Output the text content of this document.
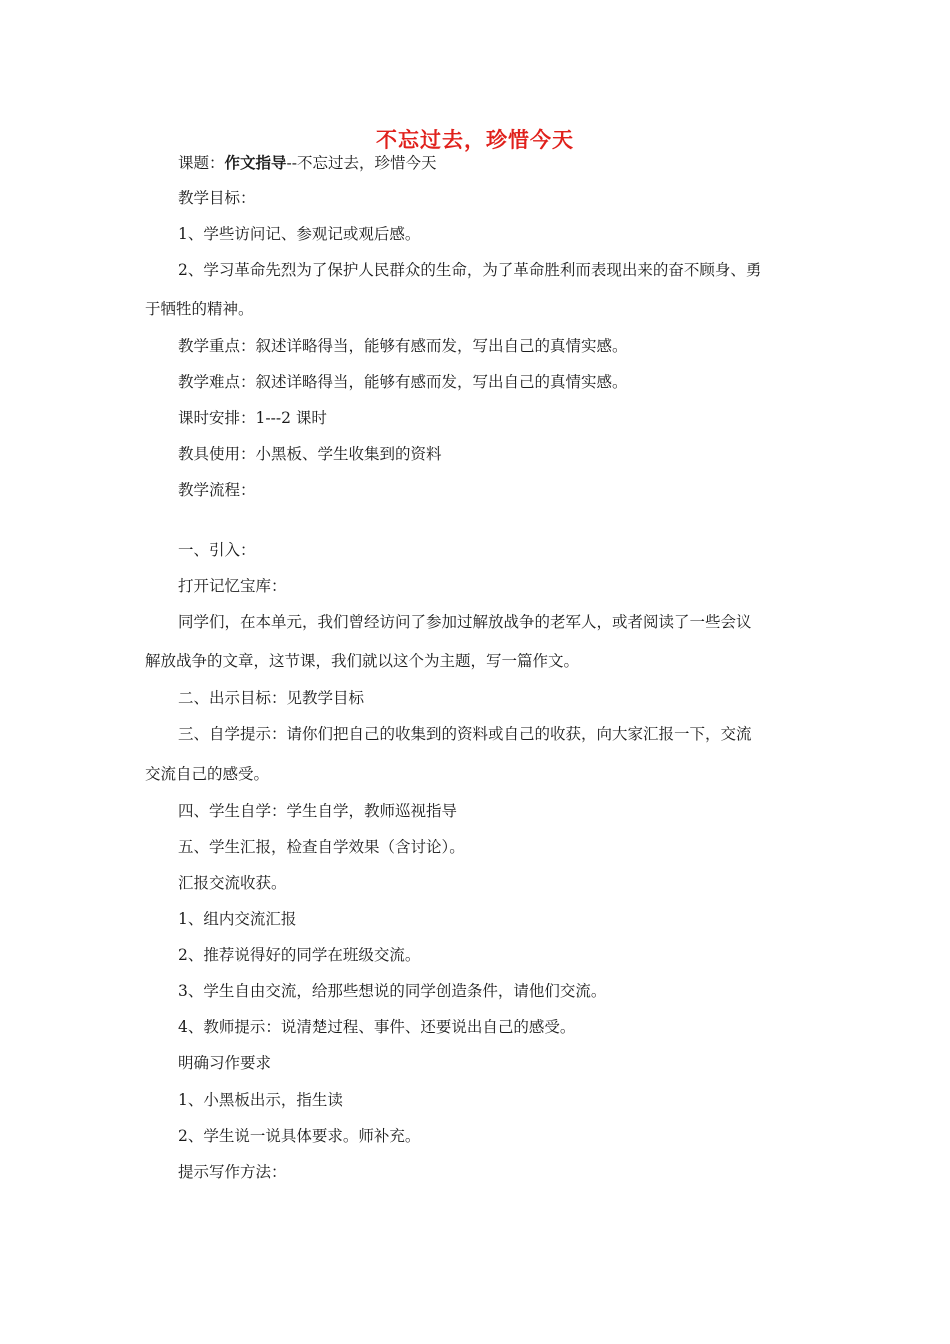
不忘过去，珍惜今天

课题：作文指导--不忘过去，珍惜今天

教学目标：

1、学些访问记、参观记或观后感。

2、学习革命先烈为了保护人民群众的生命，为了革命胜利而表现出来的奋不顾身、勇

于牺牲的精神。

教学重点：叙述详略得当，能够有感而发，写出自己的真情实感。

教学难点：叙述详略得当，能够有感而发，写出自己的真情实感。

课时安排：1---2 课时

教具使用：小黑板、学生收集到的资料

教学流程：

一、引入：

打开记忆宝库：

同学们，在本单元，我们曾经访问了参加过解放战争的老军人，或者阅读了一些会议

解放战争的文章，这节课，我们就以这个为主题，写一篇作文。

二、出示目标：见教学目标

三、自学提示：请你们把自己的收集到的资料或自己的收获，向大家汇报一下，交流

交流自己的感受。

四、学生自学：学生自学，教师巡视指导

五、学生汇报，检查自学效果（含讨论）。

汇报交流收获。

1、组内交流汇报

2、推荐说得好的同学在班级交流。

3、学生自由交流，给那些想说的同学创造条件，请他们交流。

4、教师提示：说清楚过程、事件、还要说出自己的感受。

明确习作要求

1、小黑板出示，指生读

2、学生说一说具体要求。师补充。

提示写作方法：
